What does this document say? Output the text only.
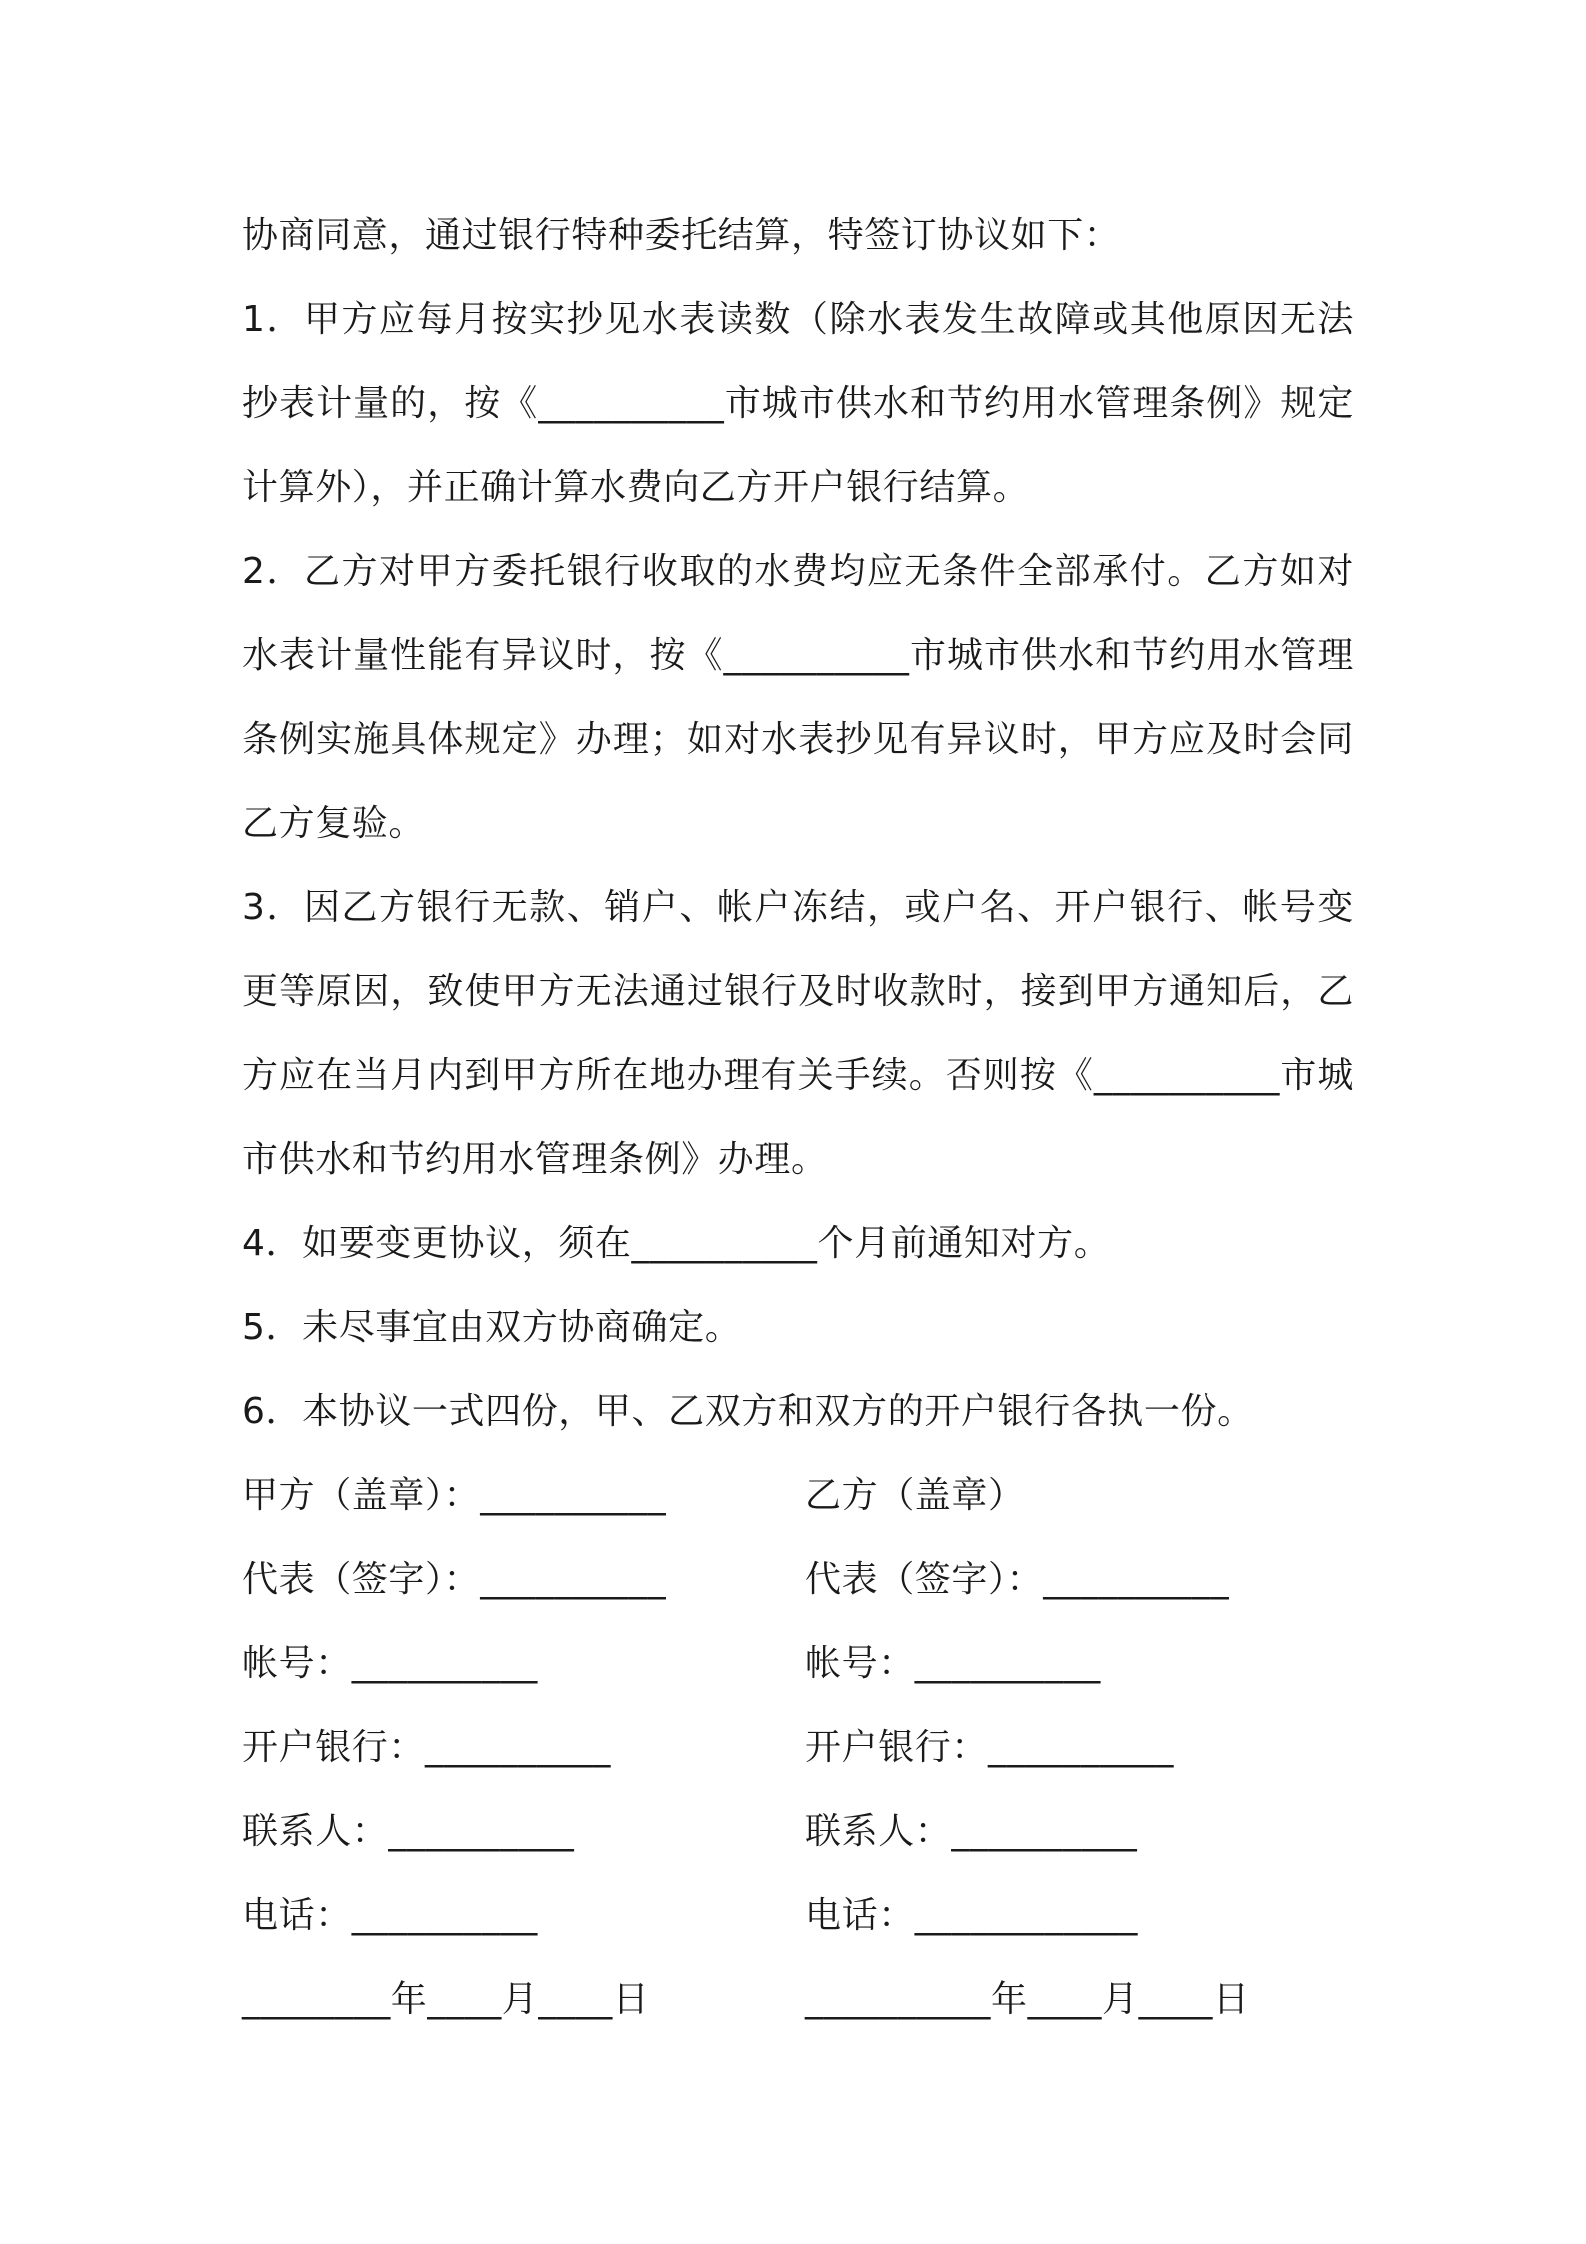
协商同意，通过银行特种委托结算，特签订协议如下：
1．甲方应每月按实抄见水表读数（除水表发生故障或其他原因无法
抄表计量的，按《__________市城市供水和节约用水管理条例》规定
计算外），并正确计算水费向乙方开户银行结算。
2．乙方对甲方委托银行收取的水费均应无条件全部承付。乙方如对
水表计量性能有异议时，按《__________市城市供水和节约用水管理
条例实施具体规定》办理；如对水表抄见有异议时，甲方应及时会同
乙方复验。
3．因乙方银行无款、销户、帐户冻结，或户名、开户银行、帐号变
更等原因，致使甲方无法通过银行及时收款时，接到甲方通知后，乙
方应在当月内到甲方所在地办理有关手续。否则按《__________市城
市供水和节约用水管理条例》办理。
4．如要变更协议，须在__________个月前通知对方。
5．未尽事宜由双方协商确定。
6．本协议一式四份，甲、乙双方和双方的开户银行各执一份。
甲方（盖章）：__________	乙方（盖章）
代表（签字）：__________	代表（签字）：__________
帐号：__________	帐号：__________
开户银行：__________	开户银行：__________
联系人：__________	联系人：__________
电话：__________	电话：____________
________年____月____日	__________年____月____日
